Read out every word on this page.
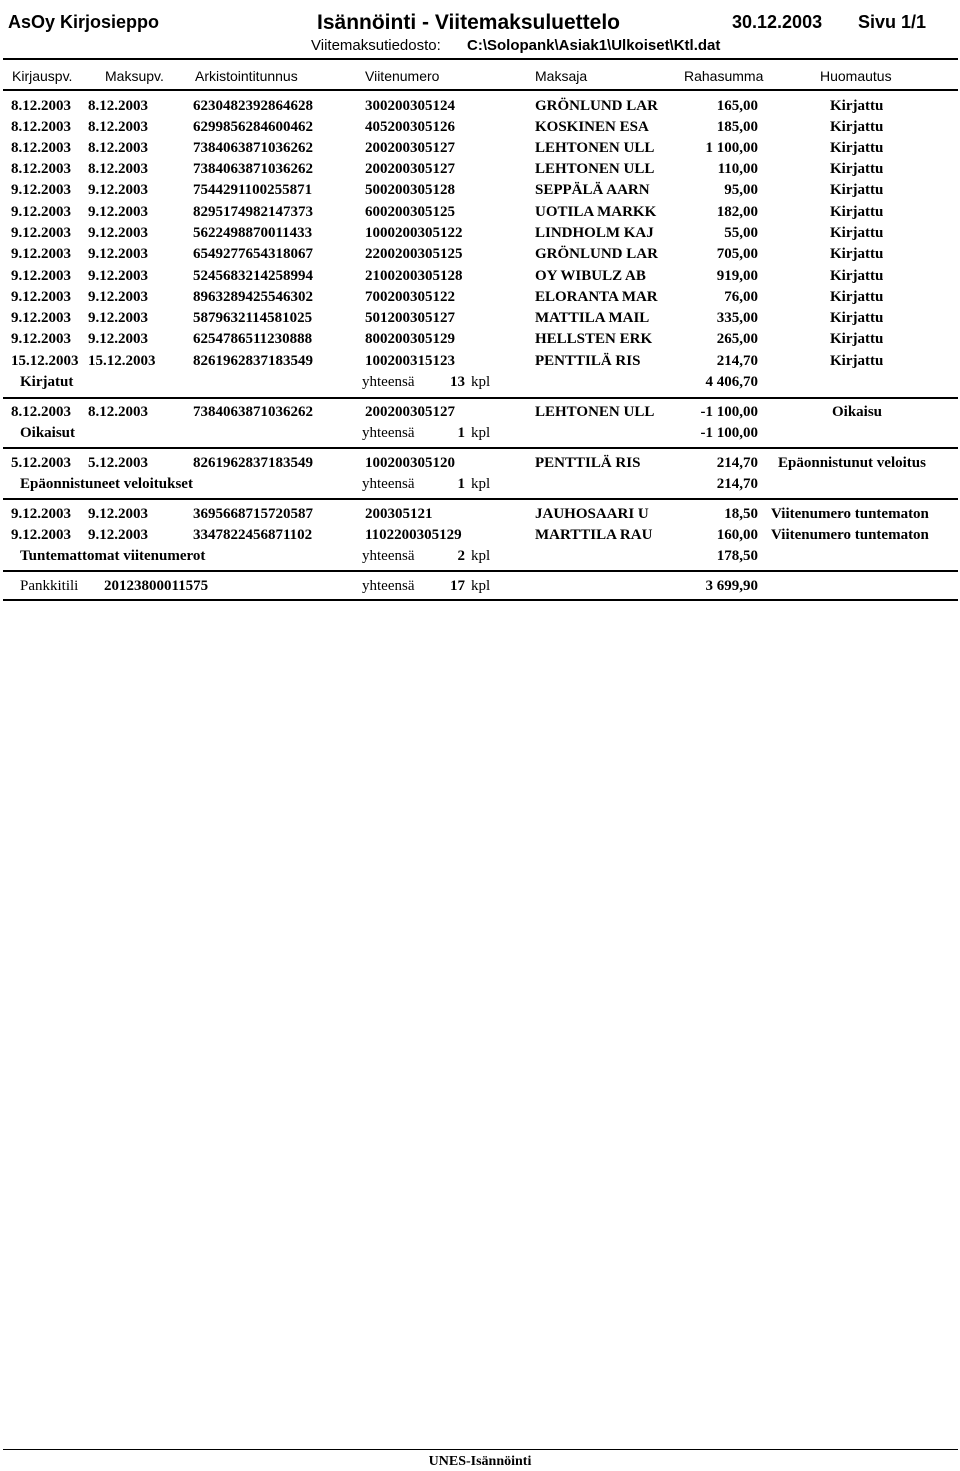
AsOy Kirjosieppo	Isännöinti - Viitemaksuluettelo	30.12.2003 Sivu 1/1
Viitemaksutiedosto: C:\Solopank\Asiak1\Ulkoiset\Ktl.dat
Kirjauspv. Maksupv. Arkistointitunnus	Viitenumero	Maksaja	Rahasumma	Huomautus
8.12.2003 8.12.2003	6230482392864628	300200305124	GRÖNLUND LAR	165,00	Kirjattu
8.12.2003 8.12.2003	6299856284600462	405200305126	KOSKINEN ESA	185,00	Kirjattu
8.12.2003 8.12.2003	7384063871036262	200200305127	LEHTONEN ULL	1 100,00	Kirjattu
8.12.2003 8.12.2003	7384063871036262	200200305127	LEHTONEN ULL	110,00	Kirjattu
9.12.2003 9.12.2003	7544291100255871	500200305128	SEPPÄLÄ AARN	95,00	Kirjattu
9.12.2003 9.12.2003	8295174982147373	600200305125	UOTILA MARKK	182,00	Kirjattu
9.12.2003 9.12.2003	5622498870011433	1000200305122	LINDHOLM KAJ	55,00	Kirjattu
9.12.2003 9.12.2003	6549277654318067	2200200305125	GRÖNLUND LAR	705,00	Kirjattu
9.12.2003 9.12.2003	5245683214258994	2100200305128	OY WIBULZ AB	919,00	Kirjattu
9.12.2003 9.12.2003	8963289425546302	700200305122	ELORANTA MAR	76,00	Kirjattu
9.12.2003 9.12.2003	5879632114581025	501200305127	MATTILA MAIL	335,00	Kirjattu
9.12.2003 9.12.2003	6254786511230888	800200305129	HELLSTEN ERK	265,00	Kirjattu
15.12.2003 15.12.2003	8261962837183549	100200315123	PENTTILÄ RIS	214,70	Kirjattu
Kirjatut	yhteensä 13 kpl	4 406,70
8.12.2003 8.12.2003	7384063871036262	200200305127	LEHTONEN ULL	-1 100,00	Oikaisu
Oikaisut	yhteensä	1 kpl	-1 100,00
5.12.2003 5.12.2003	8261962837183549	100200305120	PENTTILÄ RIS	214,70 Epäonnistunut veloitus
Epäonnistuneet veloitukset	yhteensä	1 kpl	214,70
9.12.2003 9.12.2003	3695668715720587	200305121	JAUHOSAARI U	18,50 Viitenumero tuntematon
9.12.2003 9.12.2003	3347822456871102	1102200305129	MARTTILA RAU	160,00 Viitenumero tuntematon
Tuntemattomat viitenumerot	yhteensä	2 kpl	178,50
Pankkitili 20123800011575	yhteensä 17 kpl	3 699,90
UNES-Isännöinti
